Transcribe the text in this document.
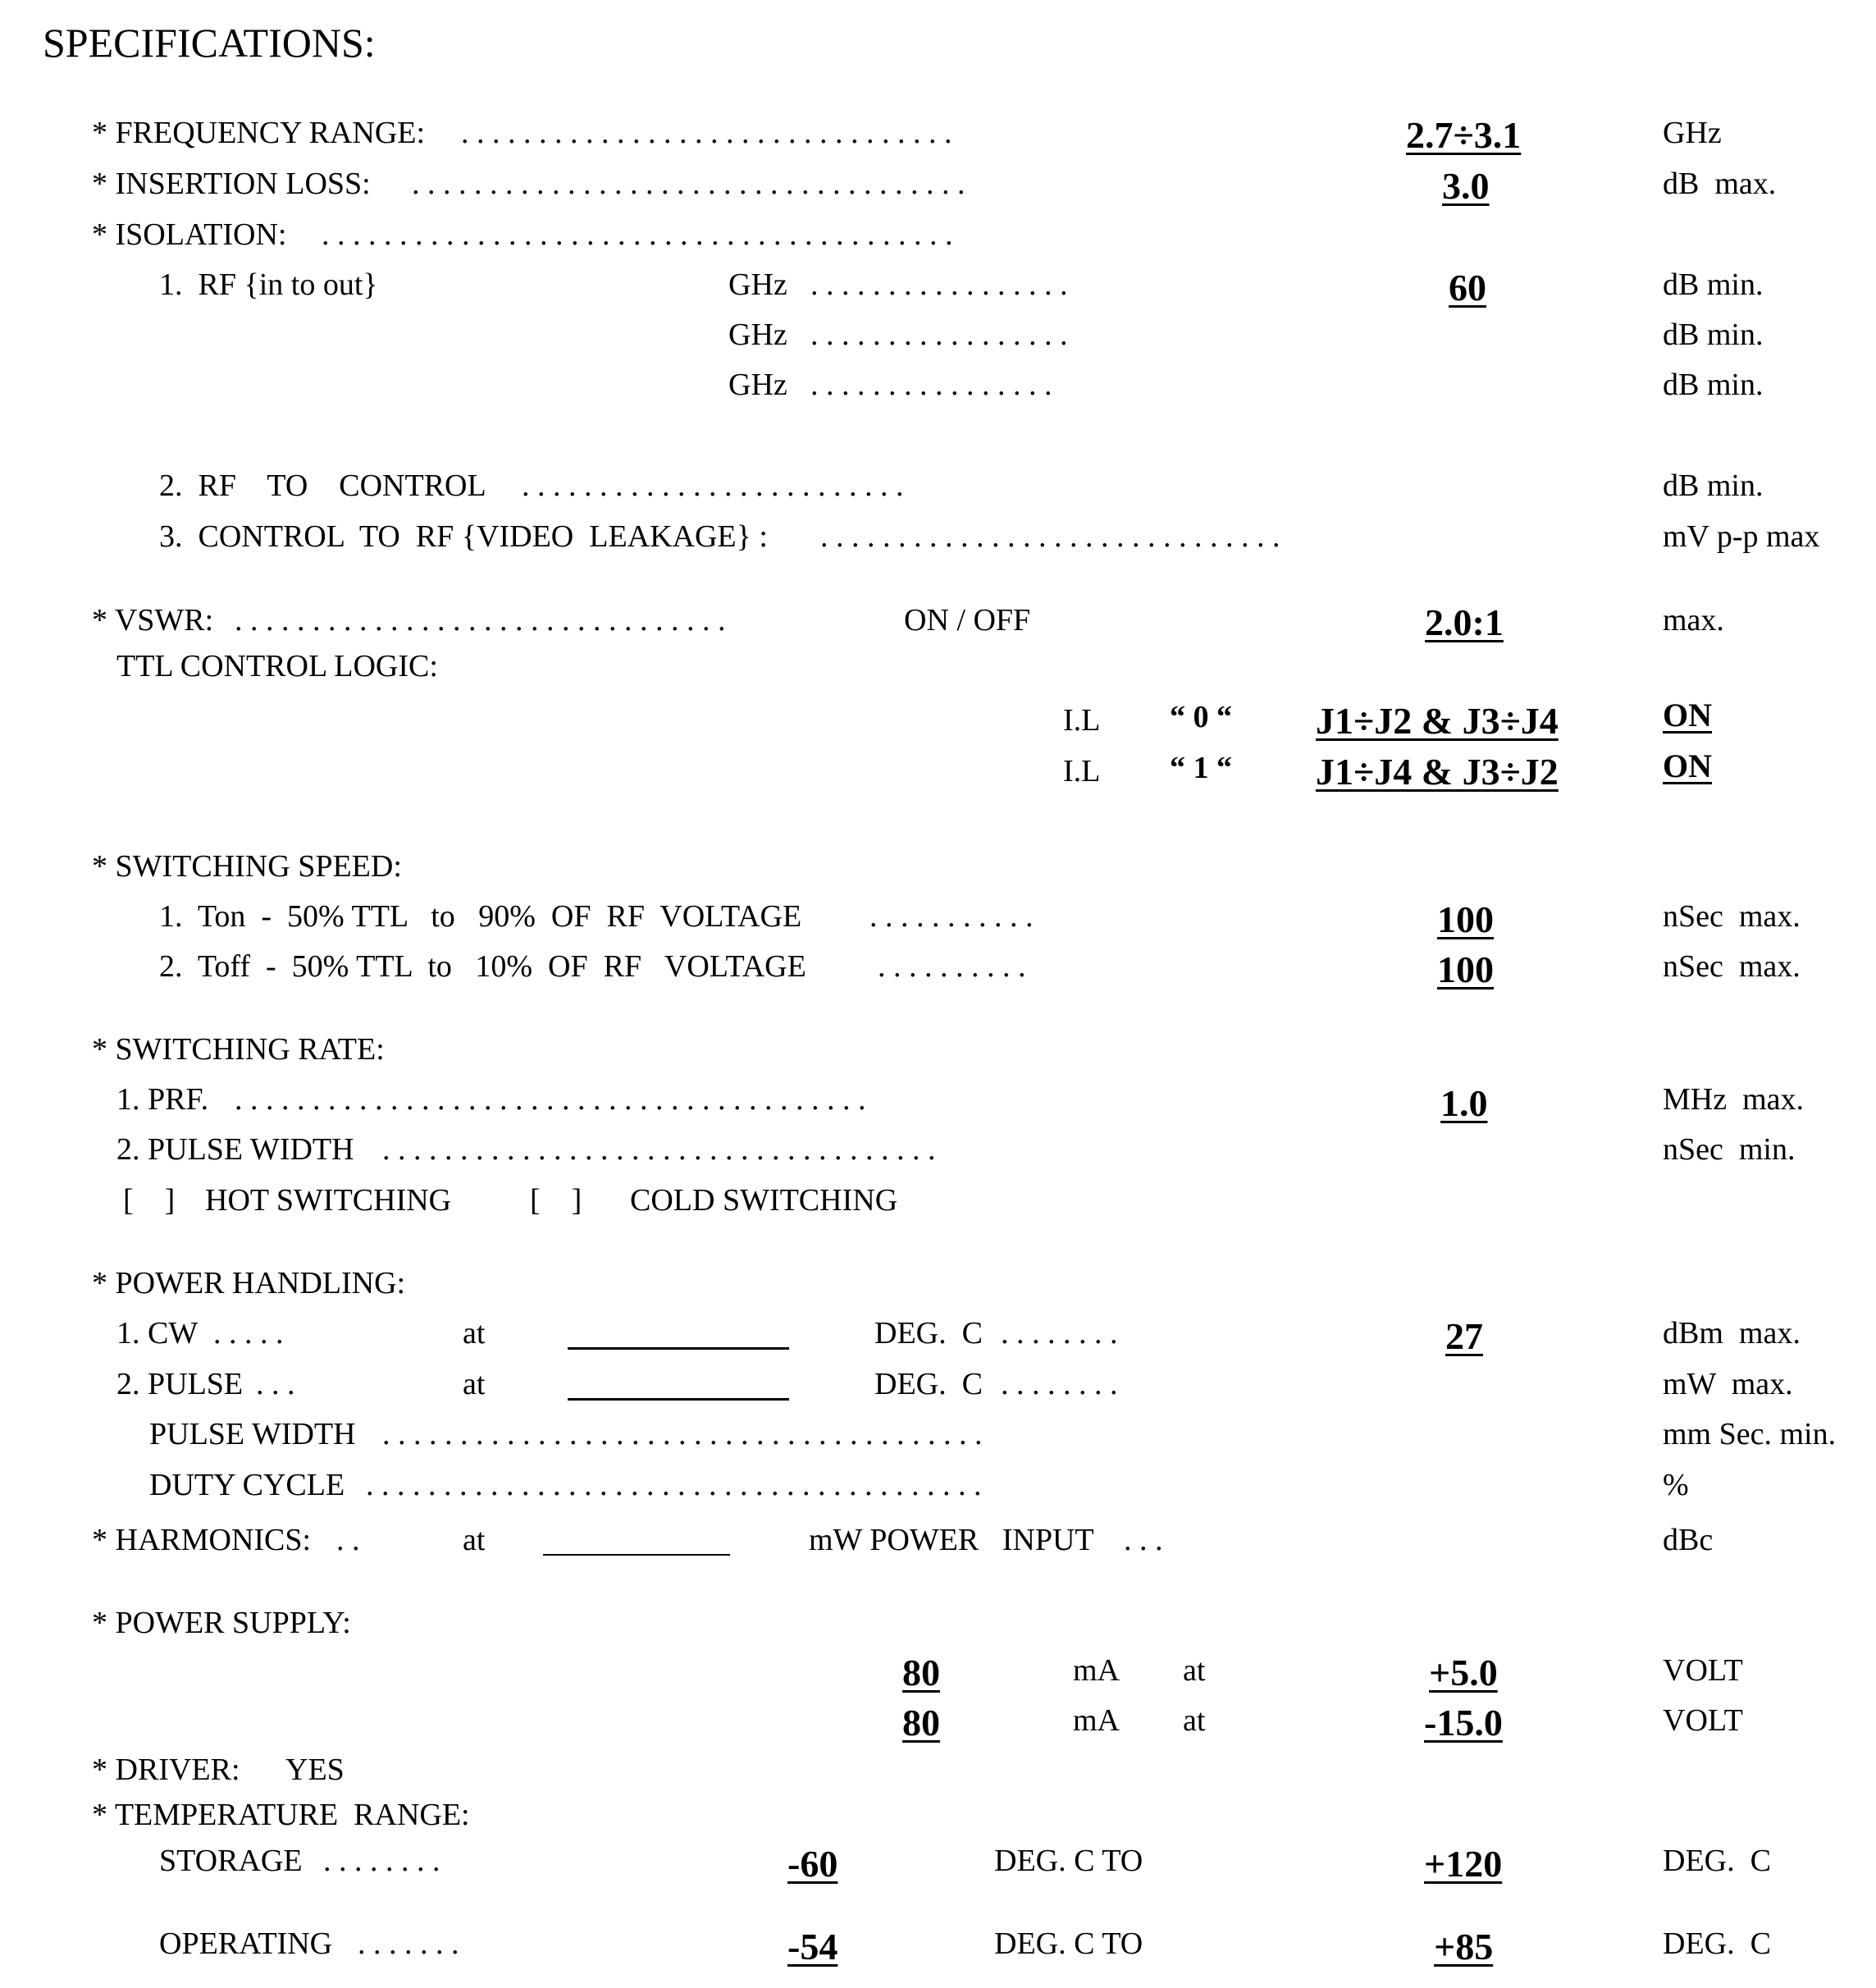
SPECIFICATIONS:
* FREQUENCY RANGE: . . . . . . . . . . . . . . . . . . . . . . . . . . . . . . . .	2.7÷3.1	GHz
* INSERTION LOSS: . . . . . . . . . . . . . . . . . . . . . . . . . . . . . . . . . . . .	3.0	dB  max.
* ISOLATION: . . . . . . . . . . . . . . . . . . . . . . . . . . . . . . . . . . . . . . . . .
1.  RF {in to out}	GHz . . . . . . . . . . . . . . . . .	60	dB min.
GHz . . . . . . . . . . . . . . . . .	dB min.
GHz . . . . . . . . . . . . . . . .	dB min.
2.  RF    TO    CONTROL . . . . . . . . . . . . . . . . . . . . . . . . .	dB min.
3.  CONTROL  TO  RF {VIDEO  LEAKAGE} : . . . . . . . . . . . . . . . . . . . . . . . . . . . . . .	mV p-p max
* VSWR: . . . . . . . . . . . . . . . . . . . . . . . . . . . . . . . .	ON / OFF	2.0:1	max.
TTL CONTROL LOGIC:
I.L “ 0 “ J1÷J2 & J3÷J4	ON
I.L “ 1 “ J1÷J4 & J3÷J2	ON
* SWITCHING SPEED:
1.  Ton  -  50% TTL   to   90%  OF  RF  VOLTAGE . . . . . . . . . . .	100	nSec  max.
2.  Toff  -  50% TTL  to   10%  OF  RF   VOLTAGE . . . . . . . . . .	100	nSec  max.
* SWITCHING RATE:
1. PRF. . . . . . . . . . . . . . . . . . . . . . . . . . . . . . . . . . . . . . . . . .	1.0	MHz  max.
2. PULSE WIDTH . . . . . . . . . . . . . . . . . . . . . . . . . . . . . . . . . . . .	nSec  min.
[    ] HOT SWITCHING	[    ] COLD SWITCHING
* POWER HANDLING:
1. CW . . . . .	at	DEG.  C . . . . . . . .	27	dBm  max.
2. PULSE . . .	at	DEG.  C . . . . . . . .	mW  max.
PULSE WIDTH . . . . . . . . . . . . . . . . . . . . . . . . . . . . . . . . . . . . . . .	mm Sec. min.
DUTY CYCLE . . . . . . . . . . . . . . . . . . . . . . . . . . . . . . . . . . . . . . . .	%
* HARMONICS: . .	at	mW POWER   INPUT . . .	dBc
* POWER SUPPLY:
80	mA at	+5.0	VOLT
80	mA at	-15.0	VOLT
* DRIVER: YES
* TEMPERATURE  RANGE:
STORAGE . . . . . . . .	-60	DEG. C TO	+120	DEG.  C
OPERATING . . . . . . .	-54	DEG. C TO	+85	DEG.  C
